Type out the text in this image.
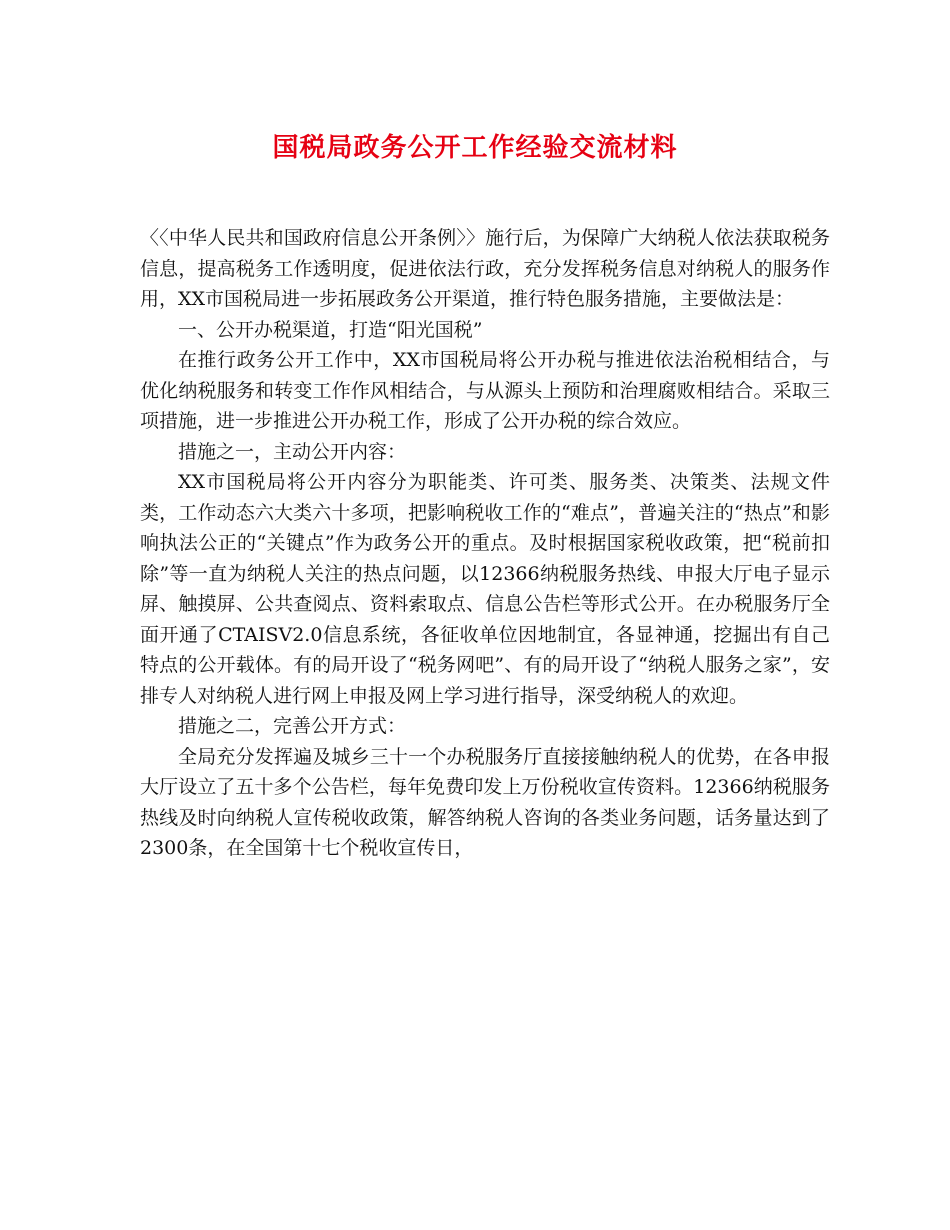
国税局政务公开工作经验交流材料

〈〈中华人民共和国政府信息公开条例〉〉施行后，为保障广大纳税人依法获取税务信息，提高税务工作透明度，促进依法行政，充分发挥税务信息对纳税人的服务作用，XX市国税局进一步拓展政务公开渠道，推行特色服务措施，主要做法是：

一、公开办税渠道，打造“阳光国税”

在推行政务公开工作中，XX市国税局将公开办税与推进依法治税相结合，与优化纳税服务和转变工作作风相结合，与从源头上预防和治理腐败相结合。采取三项措施，进一步推进公开办税工作，形成了公开办税的综合效应。

措施之一，主动公开内容：

XX市国税局将公开内容分为职能类、许可类、服务类、决策类、法规文件类，工作动态六大类六十多项，把影响税收工作的“难点”，普遍关注的“热点”和影响执法公正的“关键点”作为政务公开的重点。及时根据国家税收政策，把“税前扣除”等一直为纳税人关注的热点问题，以12366纳税服务热线、申报大厅电子显示屏、触摸屏、公共查阅点、资料索取点、信息公告栏等形式公开。在办税服务厅全面开通了CTAISV2.0信息系统，各征收单位因地制宜，各显神通，挖掘出有自己特点的公开载体。有的局开设了“税务网吧”、有的局开设了“纳税人服务之家”，安排专人对纳税人进行网上申报及网上学习进行指导，深受纳税人的欢迎。

措施之二，完善公开方式：

全局充分发挥遍及城乡三十一个办税服务厅直接接触纳税人的优势，在各申报大厅设立了五十多个公告栏，每年免费印发上万份税收宣传资料。12366纳税服务热线及时向纳税人宣传税收政策，解答纳税人咨询的各类业务问题，话务量达到了2300条，在全国第十七个税收宣传日，
